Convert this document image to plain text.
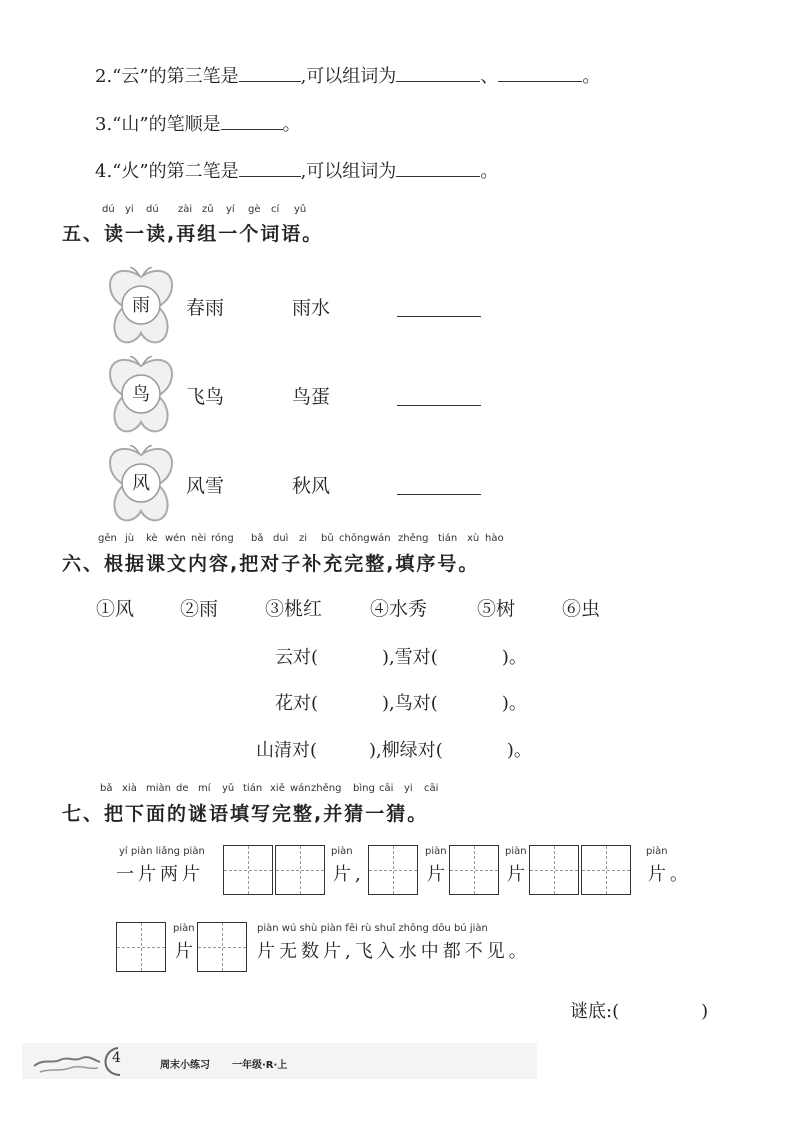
2.“云”的第三笔是	,可以组词为	、	。
3.“山”的笔顺是	。
4.“火”的第二笔是	,可以组词为	。
dú yi dú zài zǔ yí gè cí yǔ
五、读一读,再组一个词语。
雨	春雨	雨水
鸟	飞鸟	鸟蛋
风	风雪	秋风
gēn jù kè wén nèi róng bǎ duì zi bǔ chōng wán zhěng tián xù hào
六、根据课文内容,把对子补充完整,填序号。
①风 ②雨 ③桃红	④水秀	⑤树 ⑥虫
云对(	),雪对(	)。
花对(	),鸟对(	)。
山清对(	),柳绿对(	)。
bǎ xià miàn de mí yǔ tián xiě wán zhěng bìng cāi yi cāi
七、把下面的谜语填写完整,并猜一猜。
yí piàn liǎng piàn
一片两片
piàn
片,
piàn
片
piàn
片
piàn
片。
piàn
片
piàn wú shù piàn fēi rù shuǐ zhōng dōu bú jiàn
片无数片,飞入水中都不见。
谜底:(	)
4	周末小练习 一年级·R·上
